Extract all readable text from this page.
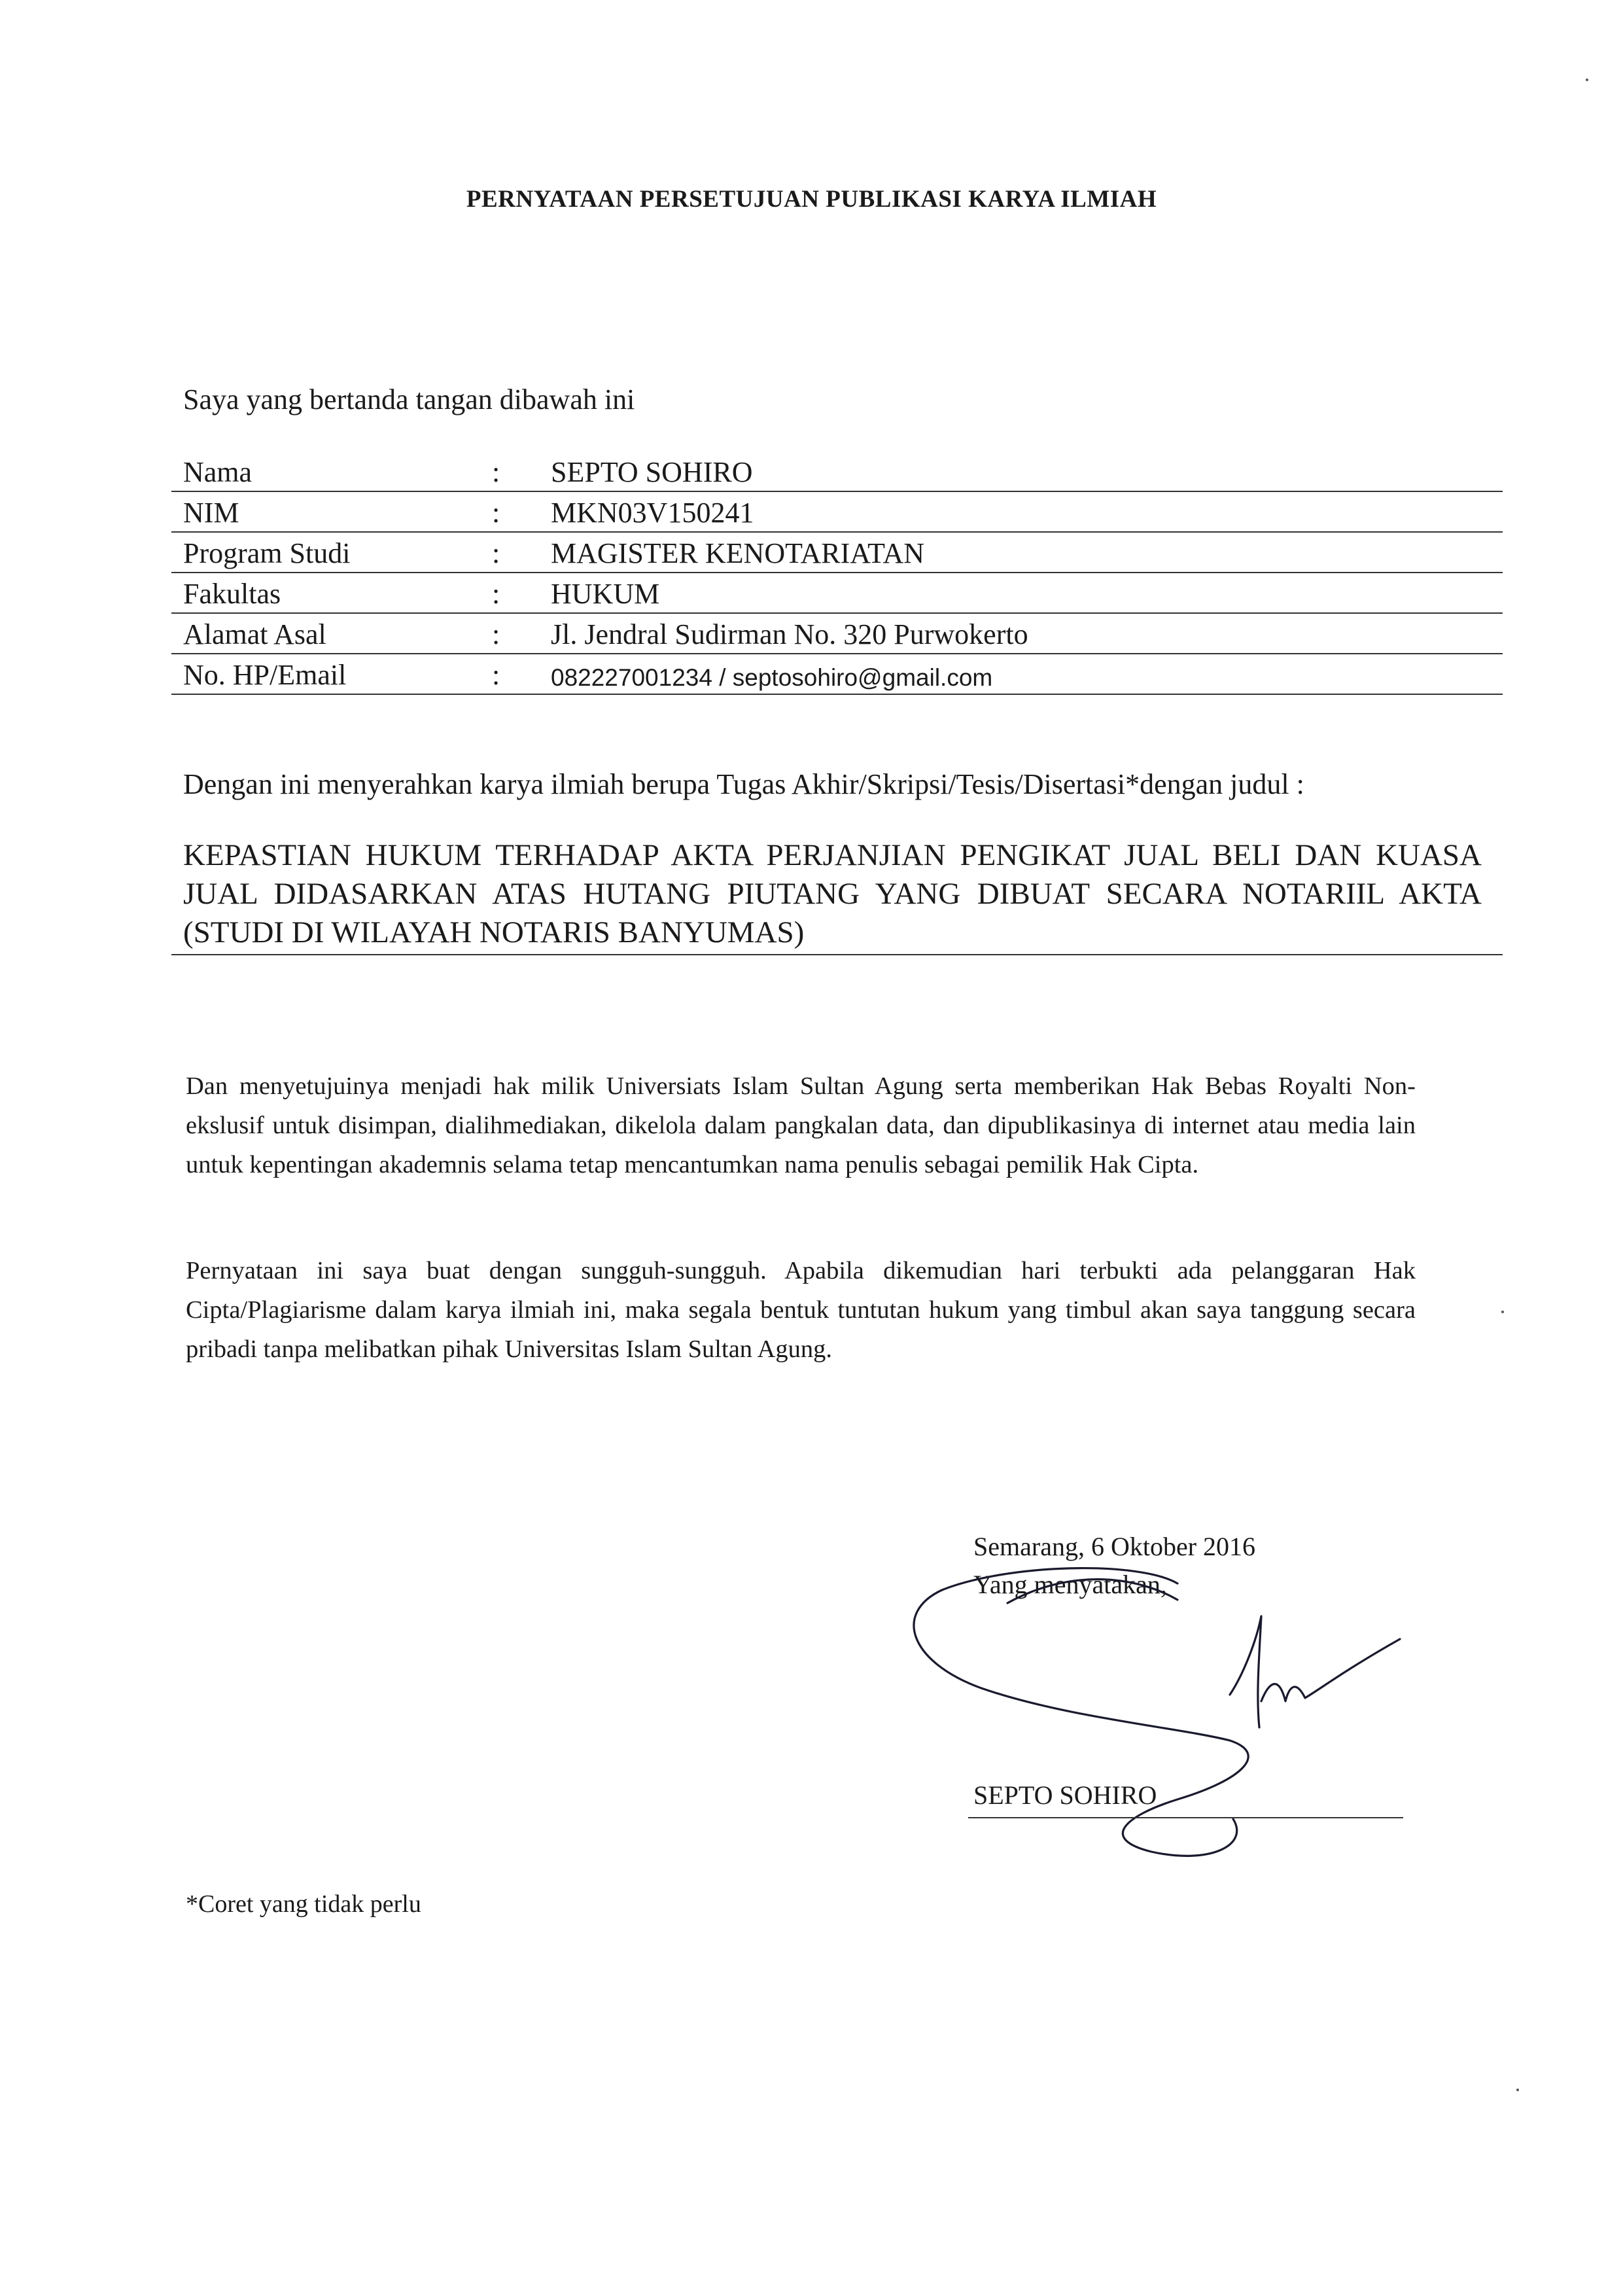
PERNYATAAN PERSETUJUAN PUBLIKASI KARYA ILMIAH
Saya yang bertanda tangan dibawah ini
Nama	:	SEPTO SOHIRO
NIM	:	MKN03V150241
Program Studi	:	MAGISTER KENOTARIATAN
Fakultas	:	HUKUM
Alamat Asal	:	Jl. Jendral Sudirman No. 320 Purwokerto
No. HP/Email	:	082227001234 / septosohiro@gmail.com
Dengan ini menyerahkan karya ilmiah berupa Tugas Akhir/Skripsi/Tesis/Disertasi*dengan judul :
KEPASTIAN HUKUM TERHADAP AKTA PERJANJIAN PENGIKAT JUAL BELI DAN KUASA JUAL DIDASARKAN ATAS HUTANG PIUTANG YANG DIBUAT SECARA NOTARIIL AKTA (STUDI DI WILAYAH NOTARIS BANYUMAS)
Dan menyetujuinya menjadi hak milik Universiats Islam Sultan Agung serta memberikan Hak Bebas Royalti Non-ekslusif untuk disimpan, dialihmediakan, dikelola dalam pangkalan data, dan dipublikasinya di internet atau media lain untuk kepentingan akademnis selama tetap mencantumkan nama penulis sebagai pemilik Hak Cipta.
Pernyataan ini saya buat dengan sungguh-sungguh. Apabila dikemudian hari terbukti ada pelanggaran Hak Cipta/Plagiarisme dalam karya ilmiah ini, maka segala bentuk tuntutan hukum yang timbul akan saya tanggung secara pribadi tanpa melibatkan pihak Universitas Islam Sultan Agung.
Semarang, 6 Oktober 2016
Yang menyatakan,
SEPTO SOHIRO
*Coret yang tidak perlu
